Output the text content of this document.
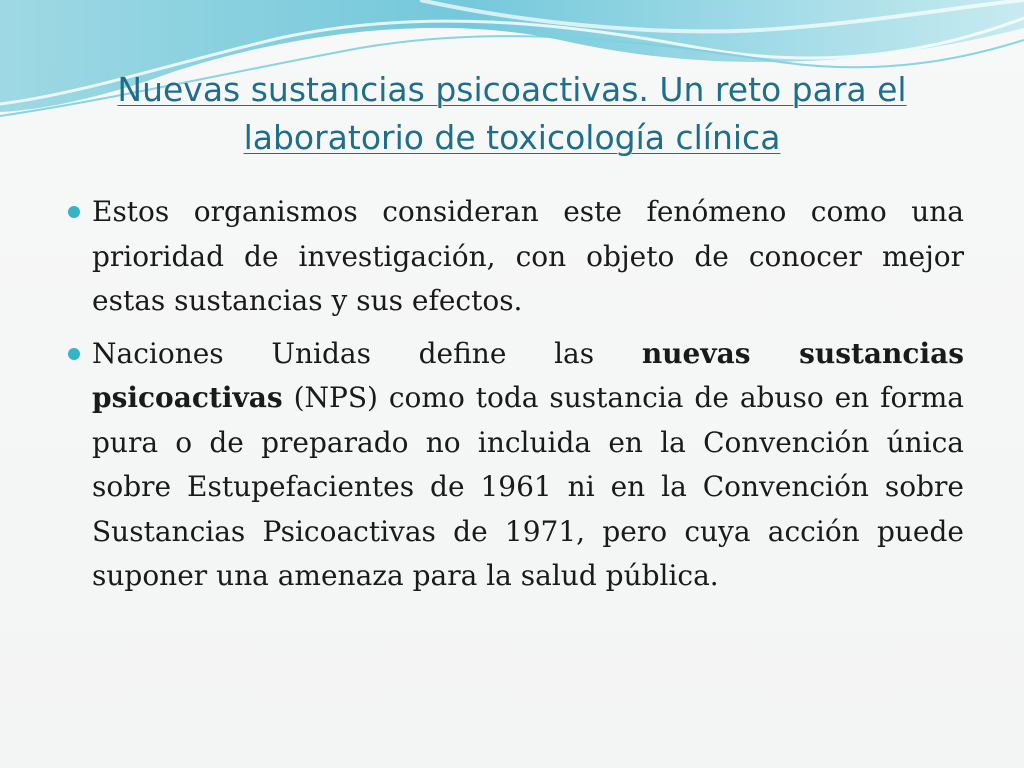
Nuevas sustancias psicoactivas. Un reto para el
laboratorio de toxicología clínica
Estos organismos consideran este fenómeno como una prioridad de investigación, con objeto de conocer mejor estas sustancias y sus efectos.
Naciones Unidas define las nuevas sustancias psicoactivas (NPS) como toda sustancia de abuso en forma pura o de preparado no incluida en la Convención única sobre Estupefacientes de 1961 ni en la Convención sobre Sustancias Psicoactivas de 1971, pero cuya acción puede suponer una amenaza para la salud pública.
